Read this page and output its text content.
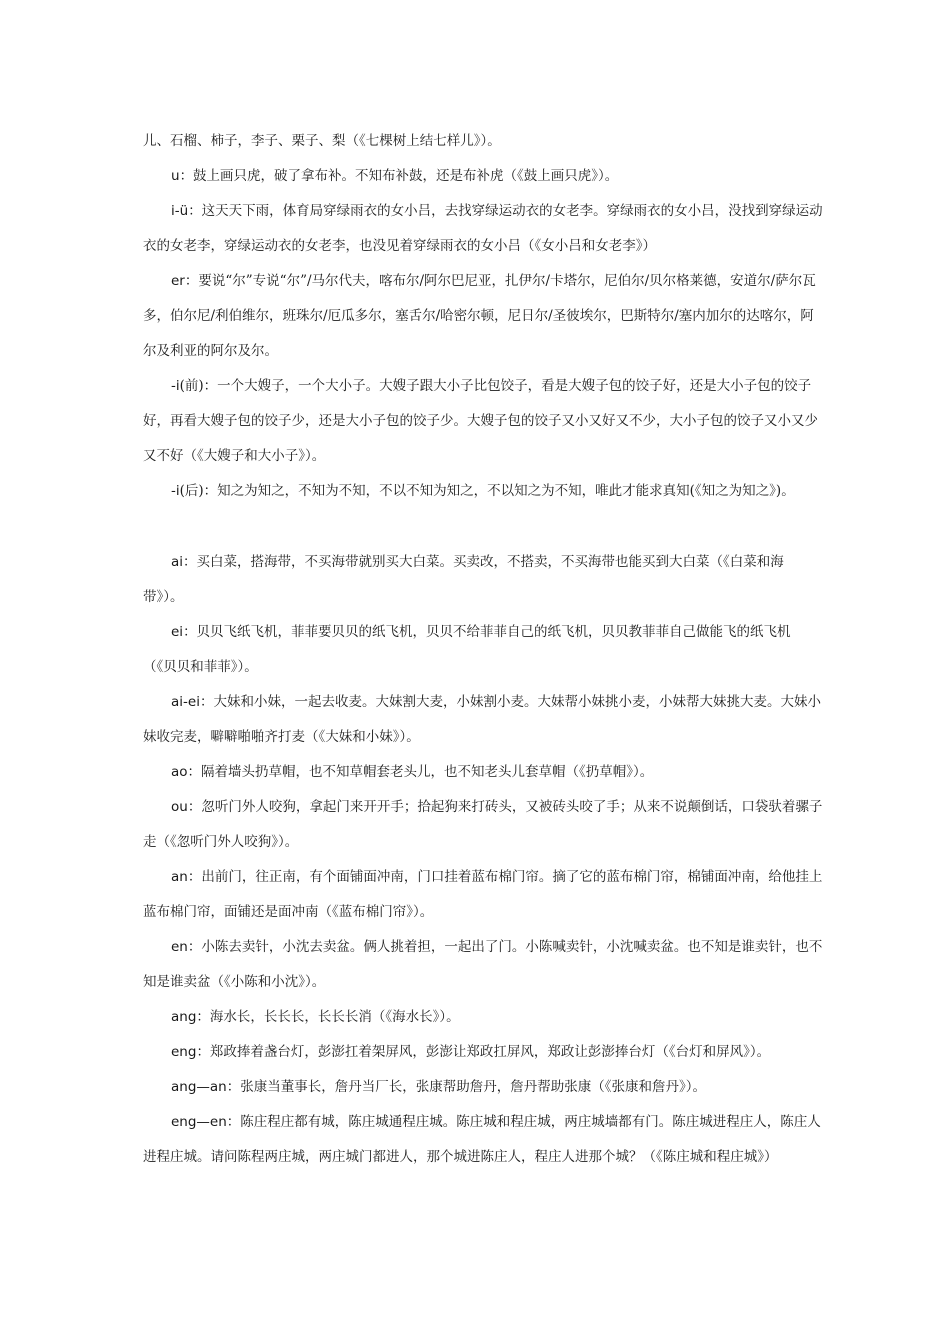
儿、石榴、柿子，李子、栗子、梨（《七棵树上结七样儿》）。

u：鼓上画只虎，破了拿布补。不知布补鼓，还是布补虎（《鼓上画只虎》）。

i-ü：这天天下雨，体育局穿绿雨衣的女小吕，去找穿绿运动衣的女老李。穿绿雨衣的女小吕，没找到穿绿运动衣的女老李，穿绿运动衣的女老李，也没见着穿绿雨衣的女小吕（《女小吕和女老李》）

er：要说“尔”专说“尔”/马尔代夫，喀布尔/阿尔巴尼亚，扎伊尔/卡塔尔，尼伯尔/贝尔格莱德，安道尔/萨尔瓦多，伯尔尼/利伯维尔，班珠尔/厄瓜多尔，塞舌尔/哈密尔顿，尼日尔/圣彼埃尔，巴斯特尔/塞内加尔的达喀尔，阿尔及利亚的阿尔及尔。

-i(前)：一个大嫂子，一个大小子。大嫂子跟大小子比包饺子，看是大嫂子包的饺子好，还是大小子包的饺子好，再看大嫂子包的饺子少，还是大小子包的饺子少。大嫂子包的饺子又小又好又不少，大小子包的饺子又小又少又不好（《大嫂子和大小子》）。

-i(后)：知之为知之，不知为不知，不以不知为知之，不以知之为不知，唯此才能求真知(《知之为知之》)。

ai：买白菜，搭海带，不买海带就别买大白菜。买卖改，不搭卖，不买海带也能买到大白菜（《白菜和海带》）。

ei：贝贝飞纸飞机，菲菲要贝贝的纸飞机，贝贝不给菲菲自己的纸飞机，贝贝教菲菲自己做能飞的纸飞机（《贝贝和菲菲》）。

ai-ei：大妹和小妹，一起去收麦。大妹割大麦，小妹割小麦。大妹帮小妹挑小麦，小妹帮大妹挑大麦。大妹小妹收完麦，噼噼啪啪齐打麦（《大妹和小妹》）。

ao：隔着墙头扔草帽，也不知草帽套老头儿，也不知老头儿套草帽（《扔草帽》）。

ou：忽听门外人咬狗，拿起门来开开手；拾起狗来打砖头，又被砖头咬了手；从来不说颠倒话，口袋驮着骡子走（《忽听门外人咬狗》）。

an：出前门，往正南，有个面铺面冲南，门口挂着蓝布棉门帘。摘了它的蓝布棉门帘，棉铺面冲南，给他挂上蓝布棉门帘，面铺还是面冲南（《蓝布棉门帘》）。

en：小陈去卖针，小沈去卖盆。俩人挑着担，一起出了门。小陈喊卖针，小沈喊卖盆。也不知是谁卖针，也不知是谁卖盆（《小陈和小沈》）。

ang：海水长，长长长，长长长消（《海水长》）。

eng：郑政捧着盏台灯，彭澎扛着架屏风，彭澎让郑政扛屏风，郑政让彭澎捧台灯（《台灯和屏风》）。

ang—an：张康当董事长，詹丹当厂长，张康帮助詹丹，詹丹帮助张康（《张康和詹丹》）。

eng—en：陈庄程庄都有城，陈庄城通程庄城。陈庄城和程庄城，两庄城墙都有门。陈庄城进程庄人，陈庄人进程庄城。请问陈程两庄城，两庄城门都进人，那个城进陈庄人，程庄人进那个城？（《陈庄城和程庄城》）
